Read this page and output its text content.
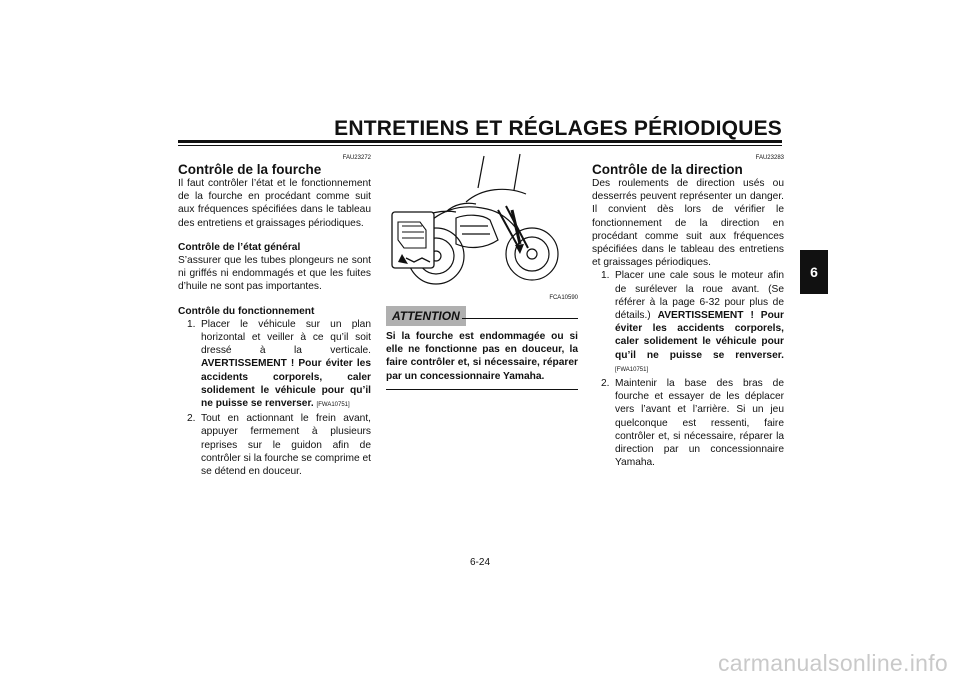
ENTRETIENS ET RÉGLAGES PÉRIODIQUES
6
FAU23272

Contrôle de la fourche

Il faut contrôler l’état et le fonctionnement de la fourche en procédant comme suit aux fréquences spécifiées dans le tableau des entretiens et graissages périodiques.

Contrôle de l’état général

S’assurer que les tubes plongeurs ne sont ni griffés ni endommagés et que les fuites d’huile ne sont pas importantes.

Contrôle du fonctionnement

1. Placer le véhicule sur un plan horizontal et veiller à ce qu’il soit dressé à la verticale. AVERTISSEMENT ! Pour éviter les accidents corporels, caler solidement le véhicule pour qu’il ne puisse se renverser. [FWA10751]

2. Tout en actionnant le frein avant, appuyer fermement à plusieurs reprises sur le guidon afin de contrôler si la fourche se comprime et se détend en douceur.

FCA10590
ATTENTION

Si la fourche est endommagée ou si elle ne fonctionne pas en douceur, la faire contrôler et, si nécessaire, réparer par un concessionnaire Yamaha.

FAU23283

Contrôle de la direction

Des roulements de direction usés ou desserrés peuvent représenter un danger. Il convient dès lors de vérifier le fonctionnement de la direction en procédant comme suit aux fréquences spécifiées dans le tableau des entretiens et graissages périodiques.

1. Placer une cale sous le moteur afin de surélever la roue avant. (Se référer à la page 6-32 pour plus de détails.) AVERTISSEMENT ! Pour éviter les accidents corporels, caler solidement le véhicule pour qu’il ne puisse se renverser. [FWA10751]

2. Maintenir la base des bras de fourche et essayer de les déplacer vers l’avant et l’arrière. Si un jeu quelconque est ressenti, faire contrôler et, si nécessaire, réparer la direction par un concessionnaire Yamaha.

6-24
carmanualsonline.info
